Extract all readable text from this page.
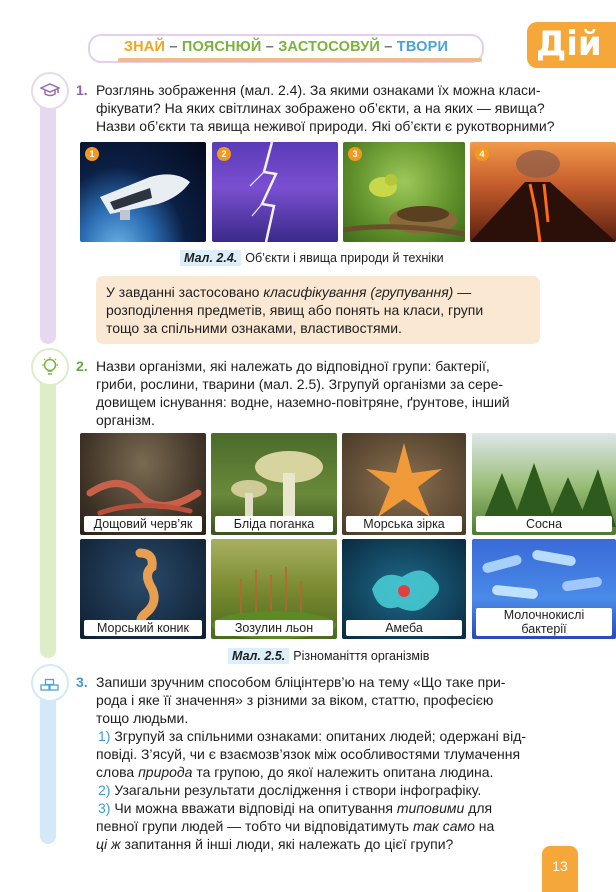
ЗНАЙ – ПОЯСНЮЙ – ЗАСТОСОВУЙ – ТВОРИ	Дій
1. Розглянь зображення (мал. 2.4). За якими ознаками їх можна класи-
фікувати? На яких світлинах зображено об’єкти, а на яких — явища?
Назви об’єкти та явища неживої природи. Які об’єкти є рукотворними?
1	2	3	4
Мал. 2.4. Об’єкти і явища природи й техніки
У завданні застосовано класифікування (групування) —
розподілення предметів, явищ або понять на класи, групи
тощо за спільними ознаками, властивостями.
2. Назви організми, які належать до відповідної групи: бактерії,
гриби, рослини, тварини (мал. 2.5). Згрупуй організми за сере-
довищем існування: водне, наземно-повітряне, ґрунтове, інший
організм.
Дощовий черв’як	Бліда поганка	Морська зірка	Сосна
Морський коник	Зозулин льон	Амеба
Молочнокислі
бактерії
Мал. 2.5. Різноманіття організмів
3. Запиши зручним способом бліцінтерв’ю на тему «Що таке при-
рода і яке її значення» з різними за віком, статтю, професією
тощо людьми.
1) Згрупуй за спільними ознаками: опитаних людей; одержані від-
повіді. З’ясуй, чи є взаємозв’язок між особливостями тлумачення
слова природа та групою, до якої належить опитана людина.
2) Узагальни результати дослідження і створи інфографіку.
3) Чи можна вважати відповіді на опитування типовими для
певної групи людей — тобто чи відповідатимуть так само на
ці ж запитання й інші люди, які належать до цієї групи?
13
